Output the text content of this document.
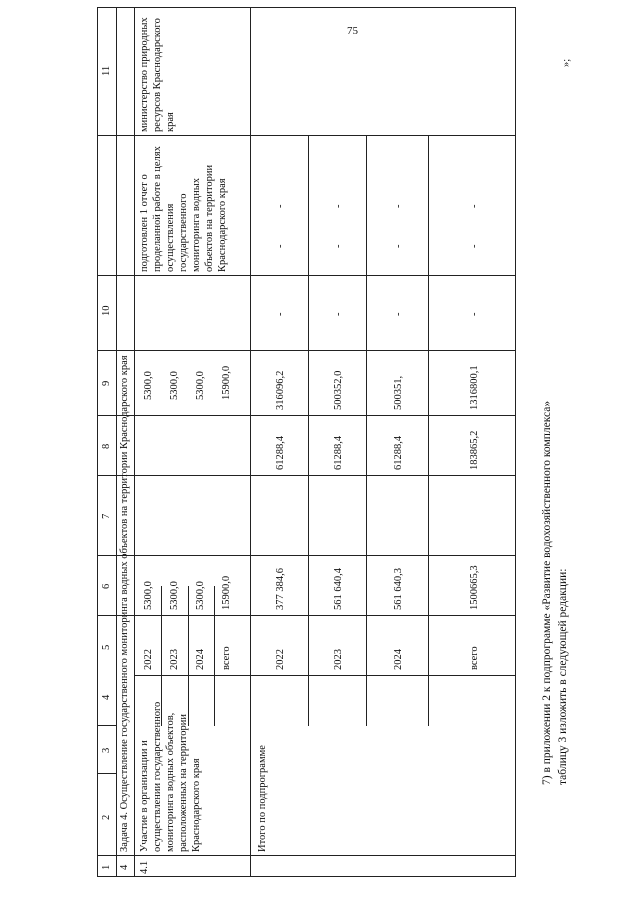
75
1
2
3
4
5
6
7
8
9
10
11
4
Задача 4. Осуществление государственного мониторинга водных объектов на территории Краснодарского края
4.1
Участие в организации и осуществлении государственного мониторинга водных объектов, расположенных на территории Краснодарского края
2022
5300,0
5300,0
2023
5300,0
5300,0
2024
5300,0
5300,0
всего
15900,0
15900,0
подготовлен 1 отчет о проделанной работе в целях осуществления государственного мониторинга водных объектов на территории Краснодарского края
министерство природных ресурсов Краснодарского края
Итого по подпрограмме
2022
377 384,6
61288,4
316096,2
-
-
-
2023
561 640,4
61288,4
500352,0
-
-
-
2024
561 640,3
61288,4
500351,
-
-
-
всего
1500665,3
183865,2
1316800,1
-
-
-
»;
7) в приложении 2 к подпрограмме «Развитие водохозяйственного комплекса» таблицу 3 изложить в следующей редакции:
